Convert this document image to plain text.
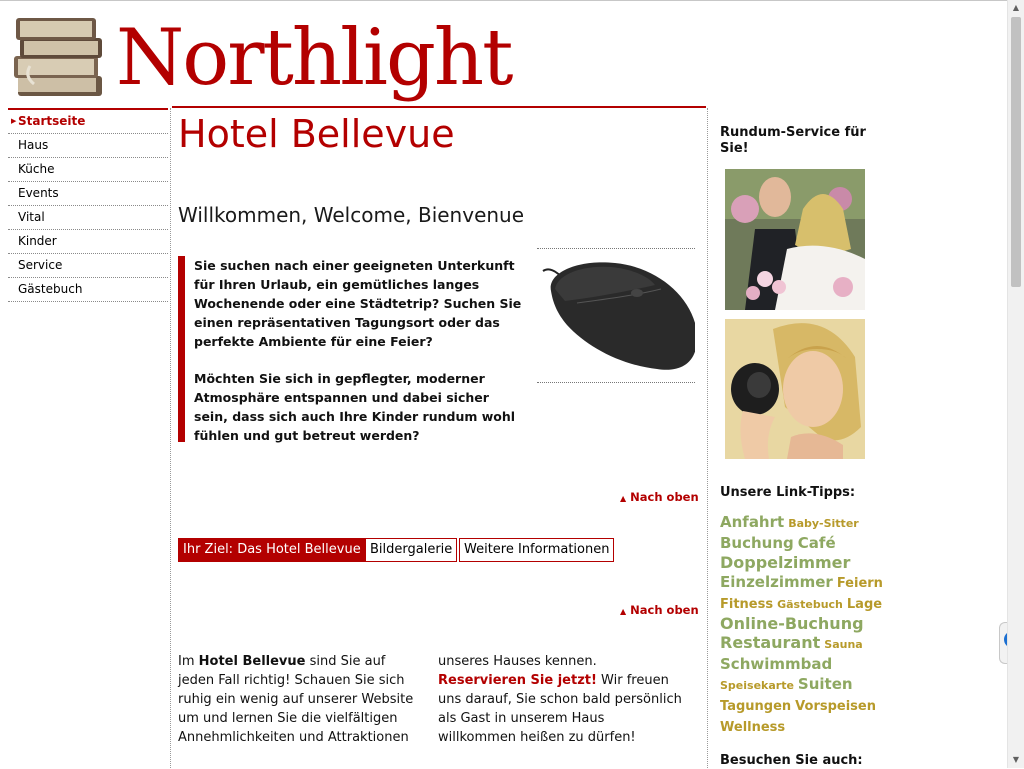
Northlight
▶ Startseite
Haus
Küche
Events
Vital
Kinder
Service
Gästebuch
Hotel Bellevue
Willkommen, Welcome, Bienvenue

Sie suchen nach einer geeigneten Unterkunft für Ihren Urlaub, ein gemütliches langes Wochenende oder eine Städtetrip? Suchen Sie einen repräsentativen Tagungsort oder das perfekte Ambiente für eine Feier?

Möchten Sie sich in gepflegter, moderner Atmosphäre entspannen und dabei sicher sein, dass sich auch Ihre Kinder rundum wohl fühlen und gut betreut werden?

▲ Nach oben
Ihr Ziel: Das Hotel Bellevue Bildergalerie Weitere Informationen
▲ Nach oben
Im Hotel Bellevue sind Sie auf jeden Fall richtig! Schauen Sie sich ruhig ein wenig auf unserer Website um und lernen Sie die vielfältigen Annehmlichkeiten und Attraktionen
unseres Hauses kennen. Reservieren Sie jetzt! Wir freuen uns darauf, Sie schon bald persönlich als Gast in unserem Haus willkommen heißen zu dürfen!
Rundum-Service für Sie!
Unsere Link-Tipps:
Anfahrt Baby-Sitter Buchung Café Doppelzimmer Einzelzimmer Feiern Fitness Gästebuch Lage Online-Buchung Restaurant Sauna Schwimmbad Speisekarte Suiten Tagungen Vorspeisen Wellness
Besuchen Sie auch:
▲
▼
